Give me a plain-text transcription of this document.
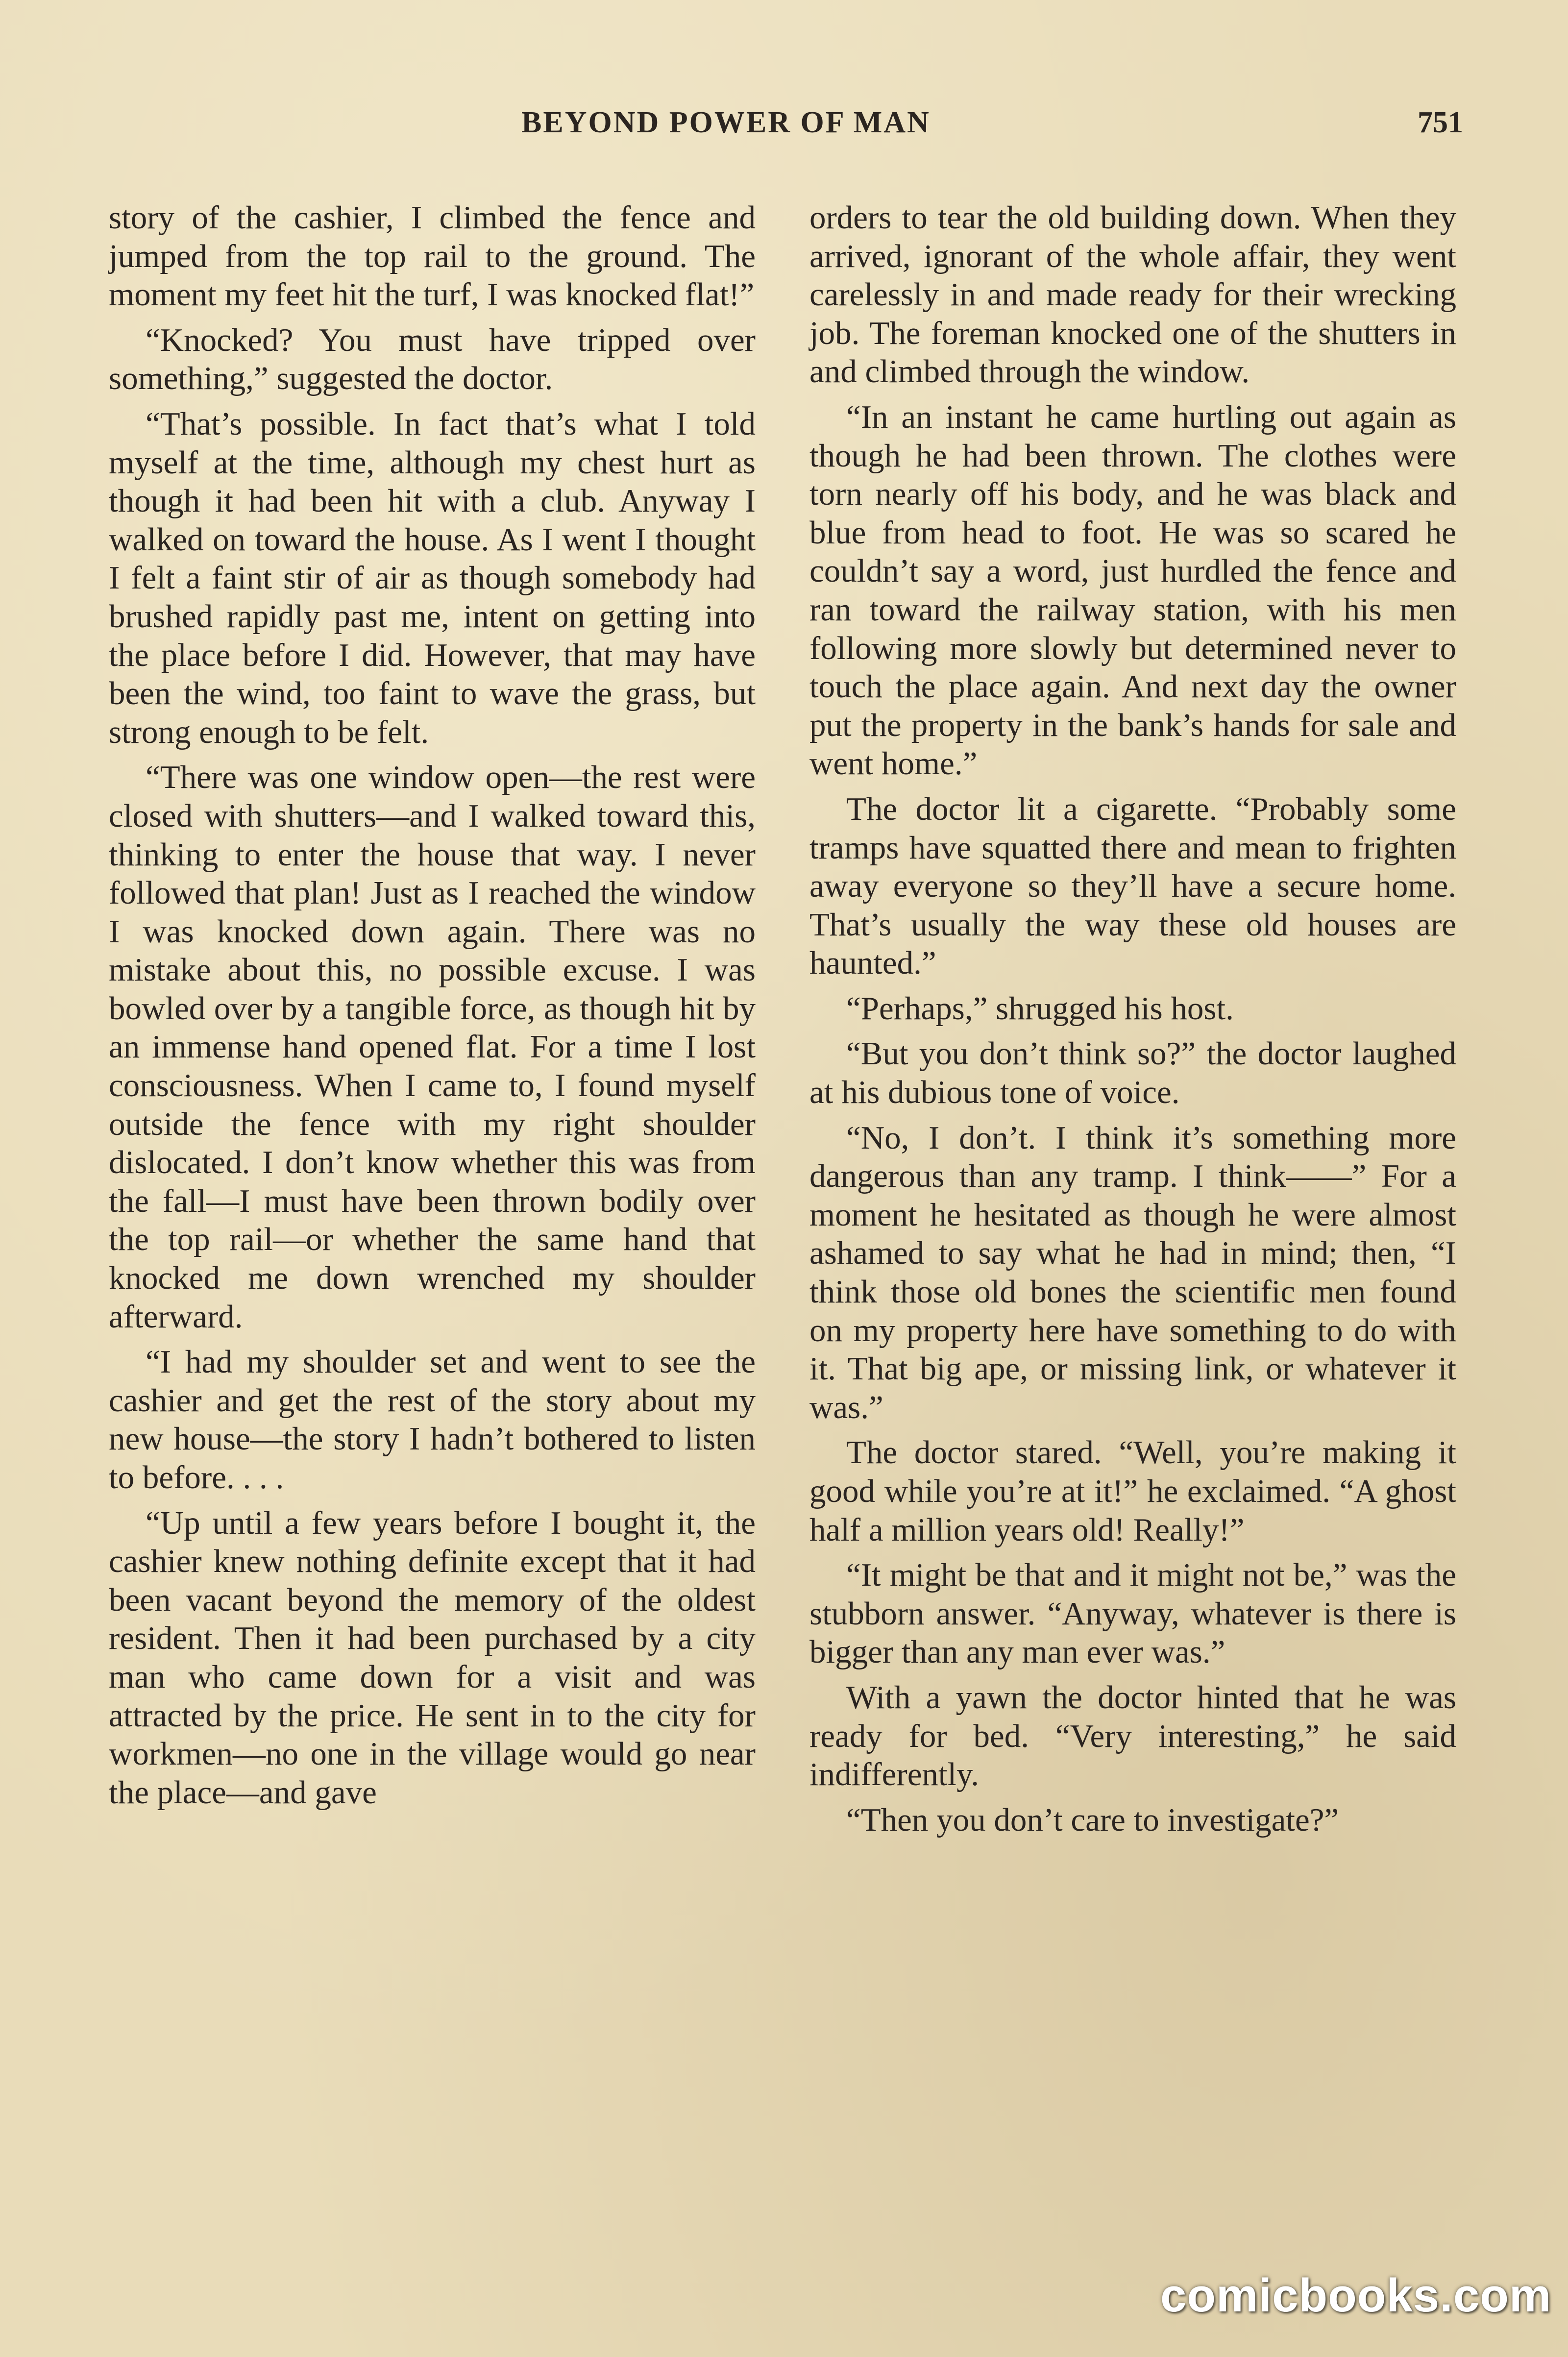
BEYOND POWER OF MAN	751

story of the cashier, I climbed the fence and jumped from the top rail to the ground. The moment my feet hit the turf, I was knocked flat!”

“Knocked? You must have tripped over something,” suggested the doctor.

“That’s possible. In fact that’s what I told myself at the time, although my chest hurt as though it had been hit with a club. Anyway I walked on toward the house. As I went I thought I felt a faint stir of air as though somebody had brushed rapidly past me, intent on getting into the place before I did. However, that may have been the wind, too faint to wave the grass, but strong enough to be felt.

“There was one window open—the rest were closed with shutters—and I walked toward this, thinking to enter the house that way. I never followed that plan! Just as I reached the window I was knocked down again. There was no mistake about this, no possible excuse. I was bowled over by a tangible force, as though hit by an immense hand opened flat. For a time I lost consciousness. When I came to, I found myself outside the fence with my right shoulder dislocated. I don’t know whether this was from the fall—I must have been thrown bodily over the top rail—or whether the same hand that knocked me down wrenched my shoulder afterward.

“I had my shoulder set and went to see the cashier and get the rest of the story about my new house—the story I hadn’t bothered to listen to before. . . .

“Up until a few years before I bought it, the cashier knew nothing definite except that it had been vacant beyond the memory of the oldest resident. Then it had been purchased by a city man who came down for a visit and was attracted by the price. He sent in to the city for workmen—no one in the village would go near the place—and gave

orders to tear the old building down. When they arrived, ignorant of the whole affair, they went carelessly in and made ready for their wrecking job. The foreman knocked one of the shutters in and climbed through the window.

“In an instant he came hurtling out again as though he had been thrown. The clothes were torn nearly off his body, and he was black and blue from head to foot. He was so scared he couldn’t say a word, just hurdled the fence and ran toward the railway station, with his men following more slowly but determined never to touch the place again. And next day the owner put the property in the bank’s hands for sale and went home.”

The doctor lit a cigarette. “Probably some tramps have squatted there and mean to frighten away everyone so they’ll have a secure home. That’s usually the way these old houses are haunted.”

“Perhaps,” shrugged his host.

“But you don’t think so?” the doctor laughed at his dubious tone of voice.

“No, I don’t. I think it’s something more dangerous than any tramp. I think——” For a moment he hesitated as though he were almost ashamed to say what he had in mind; then, “I think those old bones the scientific men found on my property here have something to do with it. That big ape, or missing link, or whatever it was.”

The doctor stared. “Well, you’re making it good while you’re at it!” he exclaimed. “A ghost half a million years old! Really!”

“It might be that and it might not be,” was the stubborn answer. “Anyway, whatever is there is bigger than any man ever was.”

With a yawn the doctor hinted that he was ready for bed. “Very interesting,” he said indifferently.

“Then you don’t care to investigate?”

comicbooks.com
